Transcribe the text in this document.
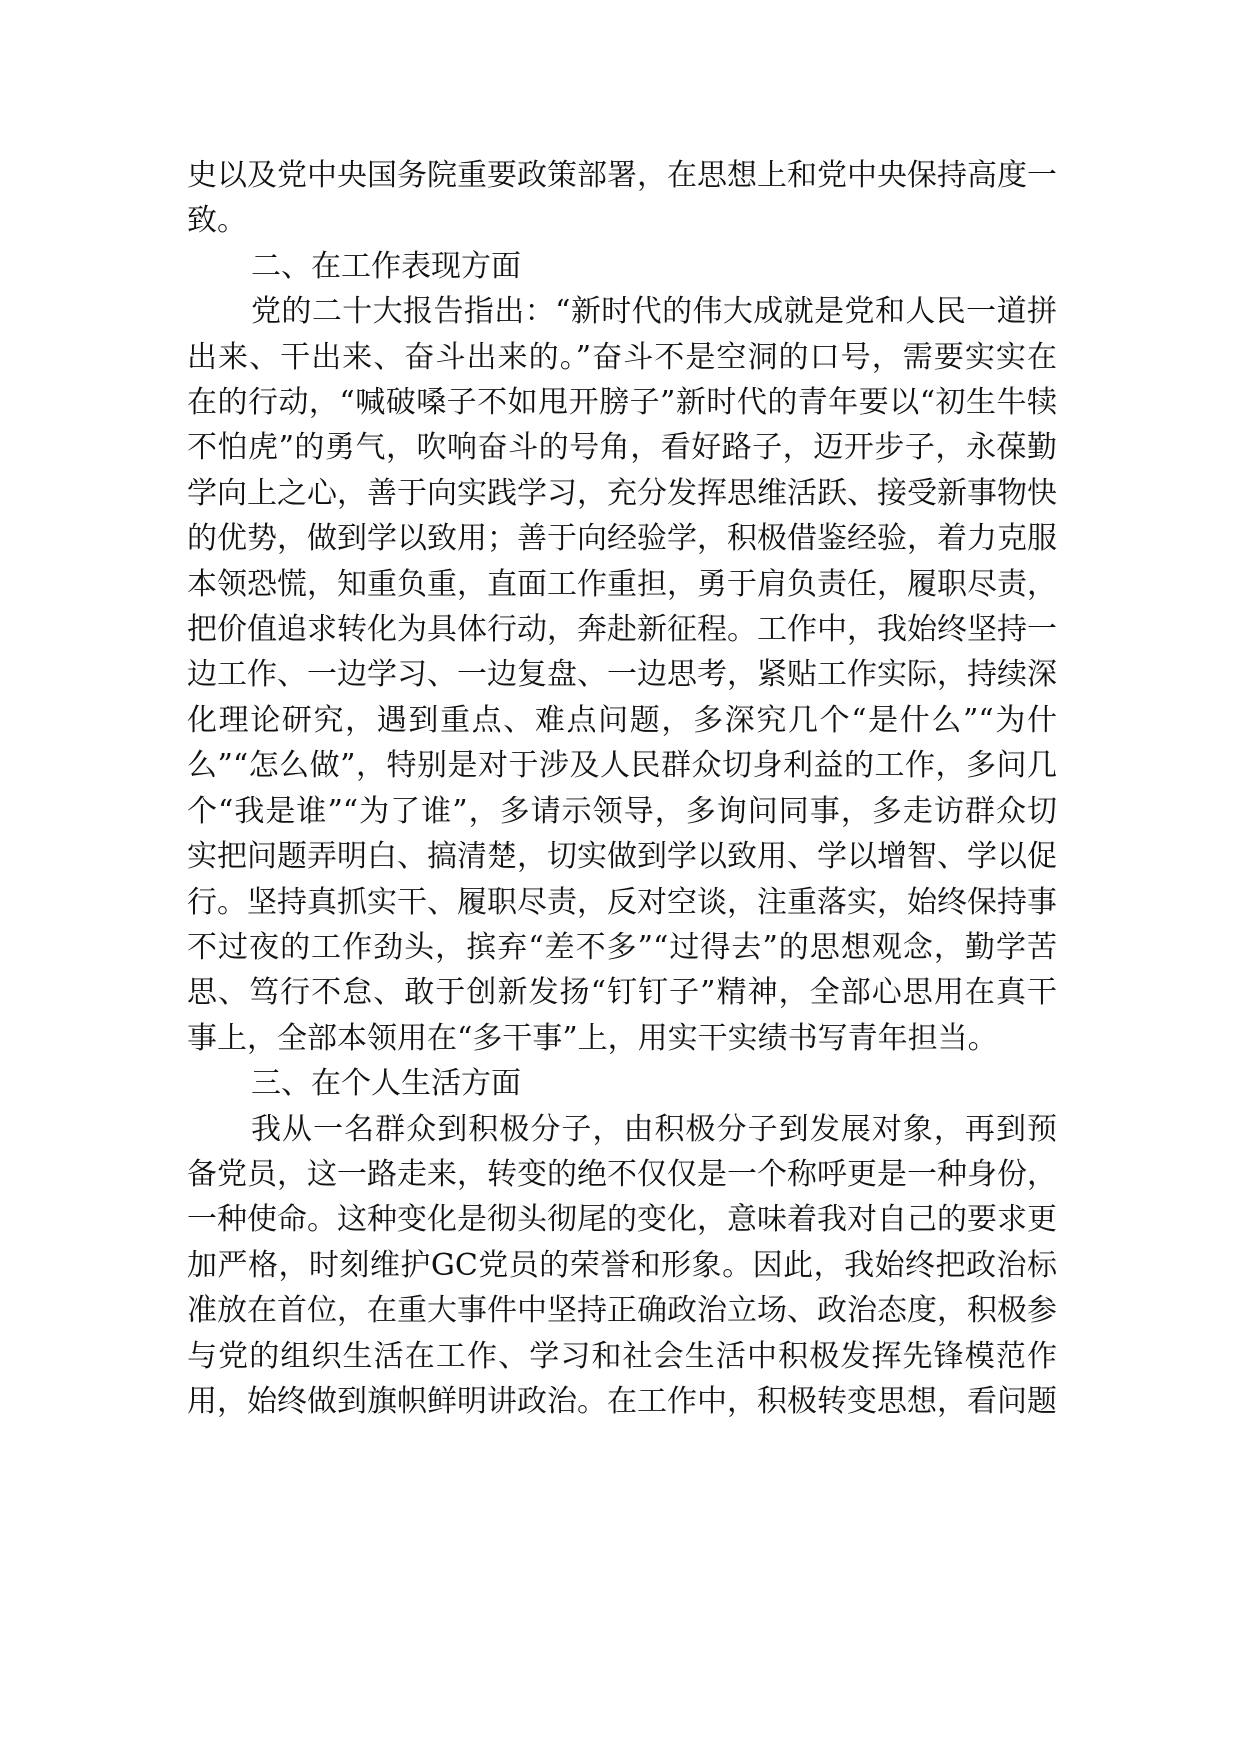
史以及党中央国务院重要政策部署，在思想上和党中央保持高度一致。

二、在工作表现方面

党的二十大报告指出：“新时代的伟大成就是党和人民一道拼出来、干出来、奋斗出来的。”奋斗不是空洞的口号，需要实实在在的行动，“喊破嗓子不如甩开膀子”新时代的青年要以“初生牛犊不怕虎”的勇气，吹响奋斗的号角，看好路子，迈开步子，永葆勤学向上之心，善于向实践学习，充分发挥思维活跃、接受新事物快的优势，做到学以致用；善于向经验学，积极借鉴经验，着力克服本领恐慌，知重负重，直面工作重担，勇于肩负责任，履职尽责，把价值追求转化为具体行动，奔赴新征程。工作中，我始终坚持一边工作、一边学习、一边复盘、一边思考，紧贴工作实际，持续深化理论研究，遇到重点、难点问题，多深究几个“是什么”“为什么”“怎么做”，特别是对于涉及人民群众切身利益的工作，多问几个“我是谁”“为了谁”，多请示领导，多询问同事，多走访群众切实把问题弄明白、搞清楚，切实做到学以致用、学以增智、学以促行。坚持真抓实干、履职尽责，反对空谈，注重落实，始终保持事不过夜的工作劲头，摈弃“差不多”“过得去”的思想观念，勤学苦思、笃行不怠、敢于创新发扬“钉钉子”精神，全部心思用在真干事上，全部本领用在“多干事”上，用实干实绩书写青年担当。

三、在个人生活方面

我从一名群众到积极分子，由积极分子到发展对象，再到预备党员，这一路走来，转变的绝不仅仅是一个称呼更是一种身份，一种使命。这种变化是彻头彻尾的变化，意味着我对自己的要求更加严格，时刻维护GC党员的荣誉和形象。因此，我始终把政治标准放在首位，在重大事件中坚持正确政治立场、政治态度，积极参与党的组织生活在工作、学习和社会生活中积极发挥先锋模范作用，始终做到旗帜鲜明讲政治。在工作中，积极转变思想，看问题
